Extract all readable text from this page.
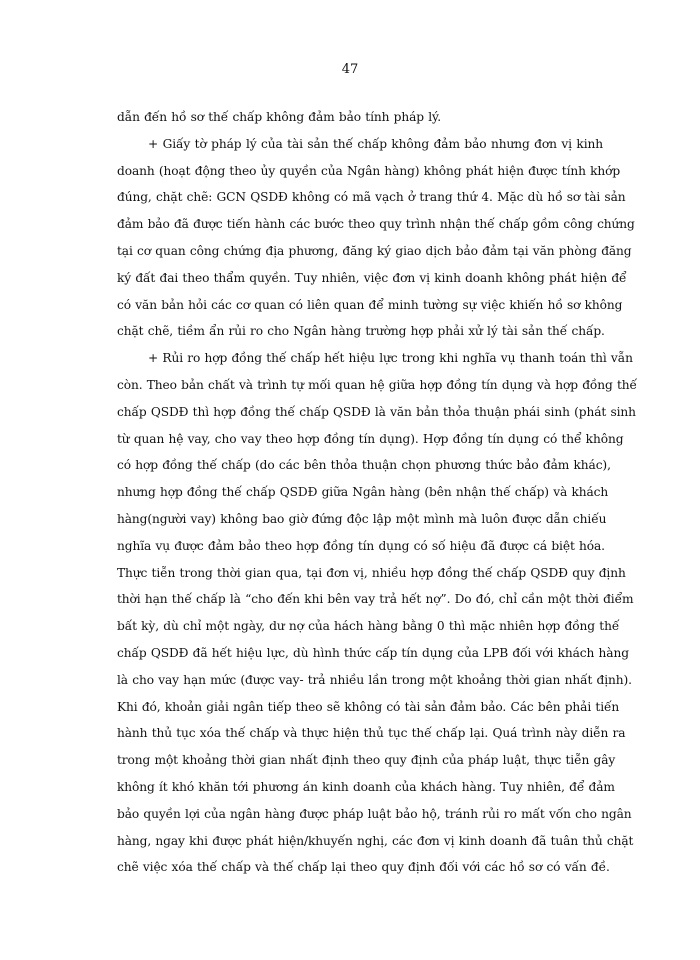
47
dẫn đến hồ sơ thế chấp không đảm bảo tính pháp lý.
+ Giấy tờ pháp lý của tài sản thế chấp không đảm bảo nhưng đơn vị kinh
doanh (hoạt động theo ủy quyền của Ngân hàng) không phát hiện được tính khớp
đúng, chặt chẽ: GCN QSDĐ không có mã vạch ở trang thứ 4. Mặc dù hồ sơ tài sản
đảm bảo đã được tiến hành các bước theo quy trình nhận thế chấp gồm công chứng
tại cơ quan công chứng địa phương, đăng ký giao dịch bảo đảm tại văn phòng đăng
ký đất đai theo thẩm quyền. Tuy nhiên, việc đơn vị kinh doanh không phát hiện để
có văn bản hỏi các cơ quan có liên quan để minh tường sự việc khiến hồ sơ không
chặt chẽ, tiềm ẩn rủi ro cho Ngân hàng trường hợp phải xử lý tài sản thế chấp.
+ Rủi ro hợp đồng thế chấp hết hiệu lực trong khi nghĩa vụ thanh toán thì vẫn
còn. Theo bản chất và trình tự mối quan hệ giữa hợp đồng tín dụng và hợp đồng thế
chấp QSDĐ thì hợp đồng thế chấp QSDĐ là văn bản thỏa thuận phái sinh (phát sinh
từ quan hệ vay, cho vay theo hợp đồng tín dụng). Hợp đồng tín dụng có thể không
có hợp đồng thế chấp (do các bên thỏa thuận chọn phương thức bảo đảm khác),
nhưng hợp đồng thế chấp QSDĐ giữa Ngân hàng (bên nhận thế chấp) và khách
hàng(người vay) không bao giờ đứng độc lập một mình mà luôn được dẫn chiếu
nghĩa vụ được đảm bảo theo hợp đồng tín dụng có số hiệu đã được cá biệt hóa.
Thực tiễn trong thời gian qua, tại đơn vị, nhiều hợp đồng thế chấp QSDĐ quy định
thời hạn thế chấp là “cho đến khi bên vay trả hết nợ”. Do đó, chỉ cần một thời điểm
bất kỳ, dù chỉ một ngày, dư nợ của hách hàng bằng 0 thì mặc nhiên hợp đồng thế
chấp QSDĐ đã hết hiệu lực, dù hình thức cấp tín dụng của LPB đối với khách hàng
là cho vay hạn mức (được vay- trả nhiều lần trong một khoảng thời gian nhất định).
Khi đó, khoản giải ngân tiếp theo sẽ không có tài sản đảm bảo. Các bên phải tiến
hành thủ tục xóa thế chấp và thực hiện thủ tục thế chấp lại. Quá trình này diễn ra
trong một khoảng thời gian nhất định theo quy định của pháp luật, thực tiễn gây
không ít khó khăn tới phương án kinh doanh của khách hàng. Tuy nhiên, để đảm
bảo quyền lợi của ngân hàng được pháp luật bảo hộ, tránh rủi ro mất vốn cho ngân
hàng, ngay khi được phát hiện/khuyến nghị, các đơn vị kinh doanh đã tuân thủ chặt
chẽ việc xóa thế chấp và thế chấp lại theo quy định đối với các hồ sơ có vấn đề.
